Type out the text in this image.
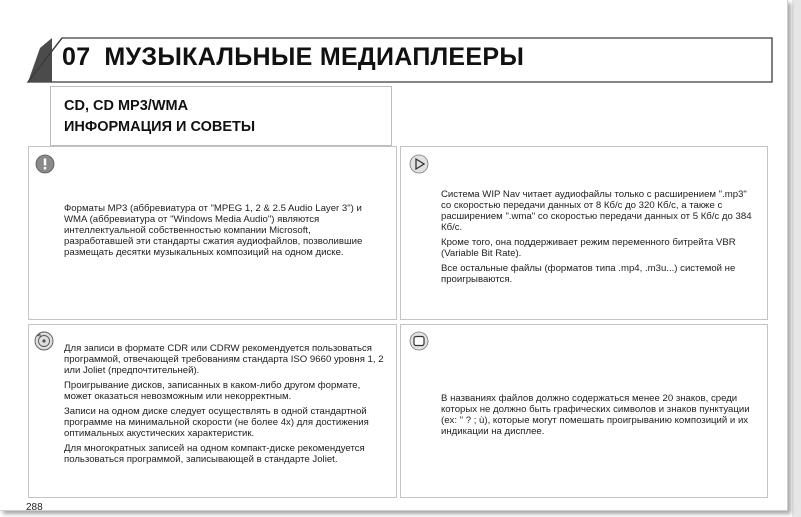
07 МУЗЫКАЛЬНЫЕ МЕДИАПЛЕЕРЫ
CD, CD MP3/WMA
ИНФОРМАЦИЯ И СОВЕТЫ

Форматы MP3 (аббревиатура от "MPEG 1, 2 & 2.5 Audio Layer 3") и WMA (аббревиатура от "Windows Media Audio") являются интеллектуальной собственностью компании Microsoft, разработавшей эти стандарты сжатия аудиофайлов, позволившие размещать десятки музыкальных композиций на одном диске.

Система WIP Nav читает аудиофайлы только с расширением ".mp3" со скоростью передачи данных от 8 Кб/с до 320 Кб/с, а также с расширением ".wma" со скоростью передачи данных от 5 Кб/с до 384 Кб/с.

Кроме того, она поддерживает режим переменного битрейта VBR (Variable Bit Rate).

Все остальные файлы (форматов типа .mp4, .m3u...) системой не проигрываются.

Для записи в формате CDR или CDRW рекомендуется пользоваться программой, отвечающей требованиям стандарта ISO 9660 уровня 1, 2 или Joliet (предпочтительней).

Проигрывание дисков, записанных в каком-либо другом формате, может оказаться невозможным или некорректным.

Записи на одном диске следует осуществлять в одной стандартной программе на минимальной скорости (не более 4x) для достижения оптимальных акустических характеристик.

Для многократных записей на одном компакт-диске рекомендуется пользоваться программой, записывающей в стандарте Joliet.

В названиях файлов должно содержаться менее 20 знаков, среди которых не должно быть графических символов и знаков пунктуации (ex: " ? ; ù), которые могут помешать проигрыванию композиций и их индикации на дисплее.

288
